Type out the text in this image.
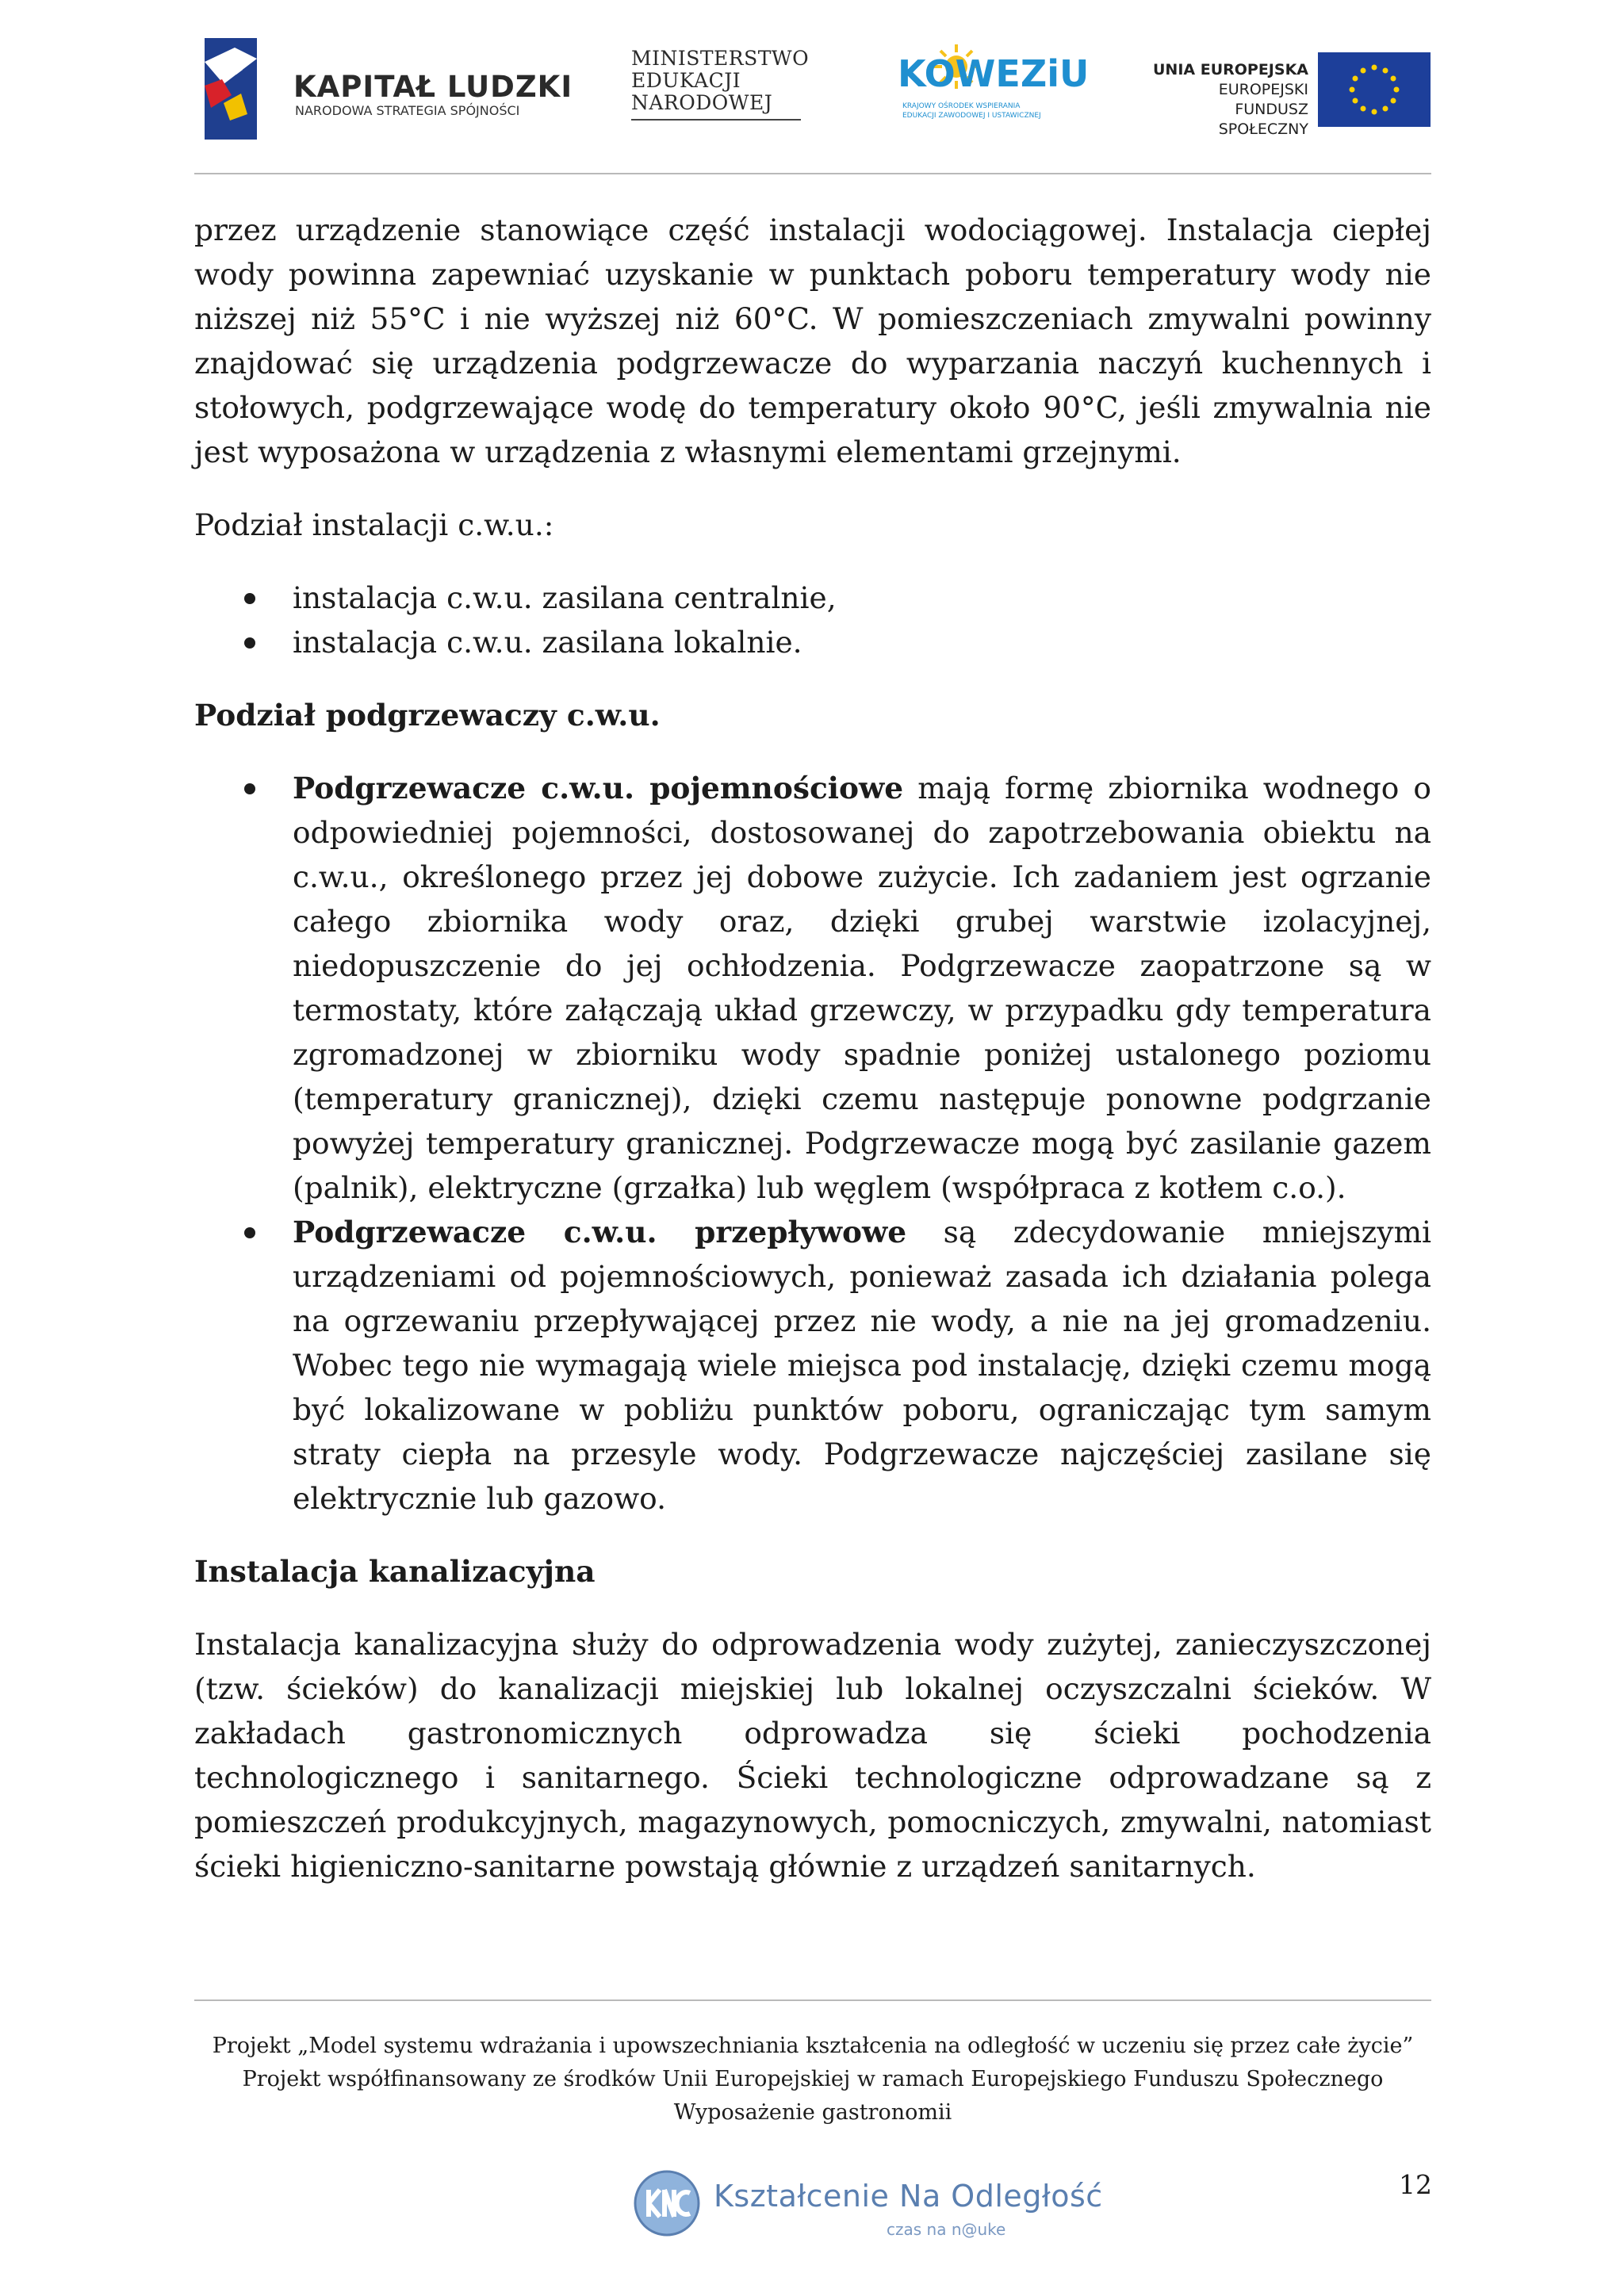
KAPITAŁ LUDZKI
NARODOWA STRATEGIA SPÓJNOŚCI
MINISTERSTWO
EDUKACJI
NARODOWEJ
KOWEZiU
KRAJOWY OŚRODEK WSPIERANIA
EDUKACJI ZAWODOWEJ I USTAWICZNEJ
UNIA EUROPEJSKA
EUROPEJSKI
FUNDUSZ SPOŁECZNY

przez urządzenie stanowiące część instalacji wodociągowej. Instalacja ciepłej wody powinna zapewniać uzyskanie w punktach poboru temperatury wody nie niższej niż 55°C i nie wyższej niż 60°C. W pomieszczeniach zmywalni powinny znajdować się urządzenia podgrzewacze do wyparzania naczyń kuchennych i stołowych, podgrzewające wodę do temperatury około 90°C, jeśli zmywalnia nie jest wyposażona w urządzenia z własnymi elementami grzejnymi.

Podział instalacji c.w.u.:

instalacja c.w.u. zasilana centralnie,
instalacja c.w.u. zasilana lokalnie.

Podział podgrzewaczy c.w.u.

Podgrzewacze c.w.u. pojemnościowe mają formę zbiornika wodnego o odpowiedniej pojemności, dostosowanej do zapotrzebowania obiektu na c.w.u., określonego przez jej dobowe zużycie. Ich zadaniem jest ogrzanie całego zbiornika wody oraz, dzięki grubej warstwie izolacyjnej, niedopuszczenie do jej ochłodzenia. Podgrzewacze zaopatrzone są w termostaty, które załączają układ grzewczy, w przypadku gdy temperatura zgromadzonej w zbiorniku wody spadnie poniżej ustalonego poziomu (temperatury granicznej), dzięki czemu następuje ponowne podgrzanie powyżej temperatury granicznej. Podgrzewacze mogą być zasilanie gazem (palnik), elektryczne (grzałka) lub węglem (współpraca z kotłem c.o.).
Podgrzewacze c.w.u. przepływowe są zdecydowanie mniejszymi urządzeniami od pojemnościowych, ponieważ zasada ich działania polega na ogrzewaniu przepływającej przez nie wody, a nie na jej gromadzeniu. Wobec tego nie wymagają wiele miejsca pod instalację, dzięki czemu mogą być lokalizowane w pobliżu punktów poboru, ograniczając tym samym straty ciepła na przesyle wody. Podgrzewacze najczęściej zasilane się elektrycznie lub gazowo.

Instalacja kanalizacyjna

Instalacja kanalizacyjna służy do odprowadzenia wody zużytej, zanieczyszczonej (tzw. ścieków) do kanalizacji miejskiej lub lokalnej oczyszczalni ścieków. W zakładach gastronomicznych odprowadza się ścieki pochodzenia technologicznego i sanitarnego. Ścieki technologiczne odprowadzane są z pomieszczeń produkcyjnych, magazynowych, pomocniczych, zmywalni, natomiast ścieki higieniczno-sanitarne powstają głównie z urządzeń sanitarnych.

Projekt „Model systemu wdrażania i upowszechniania kształcenia na odległość w uczeniu się przez całe życie”
Projekt współfinansowany ze środków Unii Europejskiej w ramach Europejskiego Funduszu Społecznego
Wyposażenie gastronomii
Kształcenie Na Odległość
czas na n@uke
12
